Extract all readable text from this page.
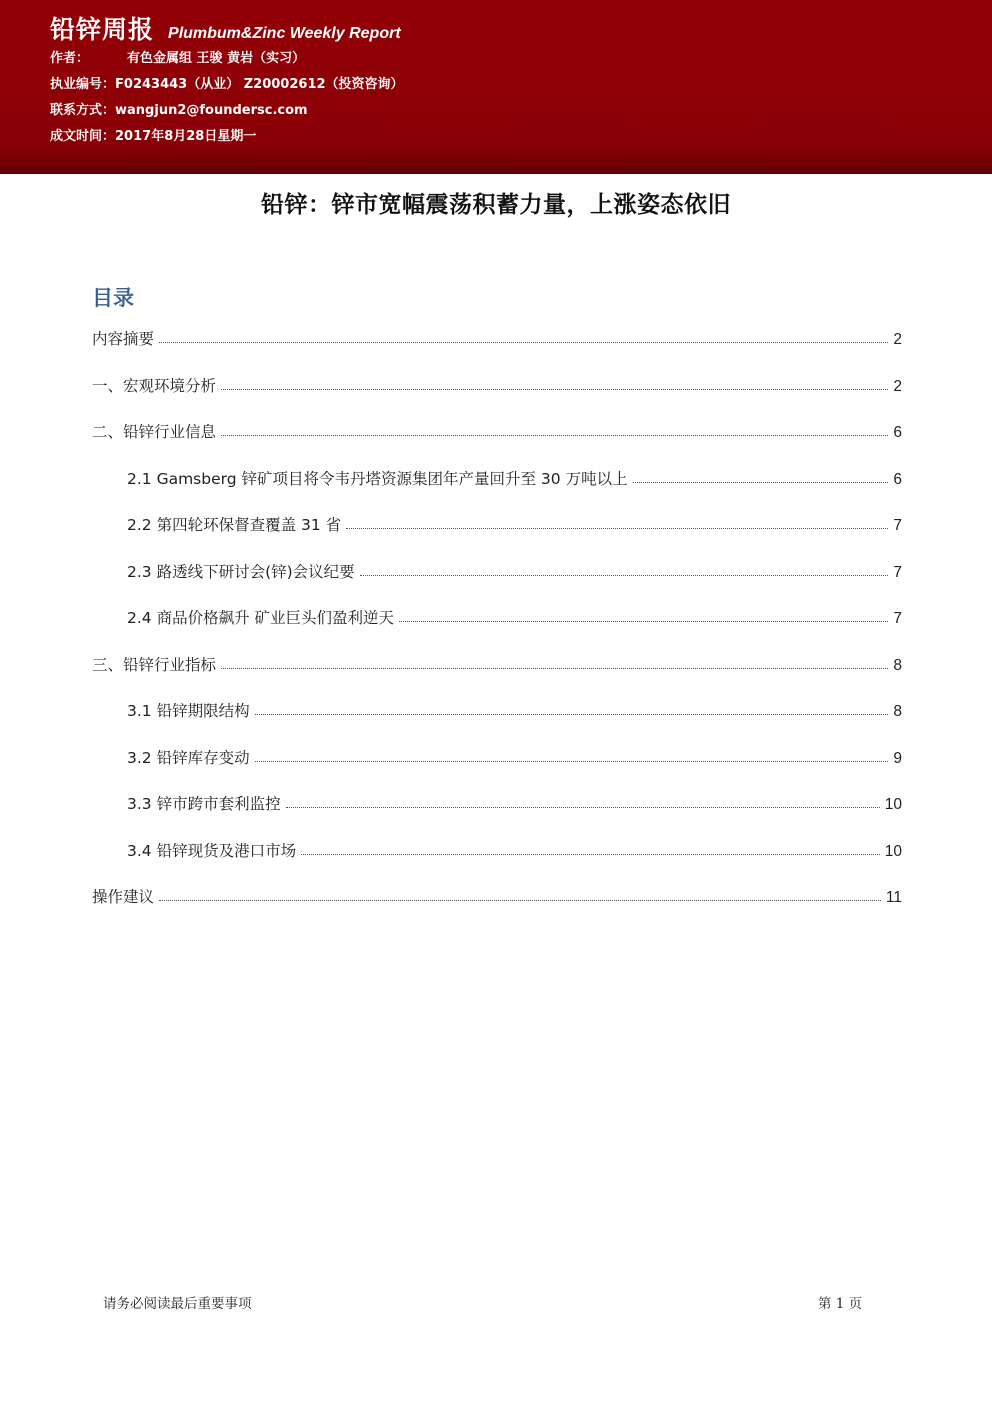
铅锌周报 Plumbum&Zinc Weekly Report
作者：	有色金属组 王骏 黄岩（实习）
执业编号：F0243443（从业） Z20002612（投资咨询）
联系方式：wangjun2@foundersc.com
成文时间：2017年8月28日星期一
铅锌：锌市宽幅震荡积蓄力量，上涨姿态依旧
目录
内容摘要	2
一、宏观环境分析	2
二、铅锌行业信息	6
2.1 Gamsberg 锌矿项目将令韦丹塔资源集团年产量回升至 30 万吨以上	6
2.2 第四轮环保督查覆盖 31 省	7
2.3 路透线下研讨会(锌)会议纪要	7
2.4 商品价格飙升 矿业巨头们盈利逆天	7
三、铅锌行业指标	8
3.1 铅锌期限结构	8
3.2 铅锌库存变动	9
3.3 锌市跨市套利监控	10
3.4 铅锌现货及港口市场	10
操作建议	11
请务必阅读最后重要事项	第 1 页
